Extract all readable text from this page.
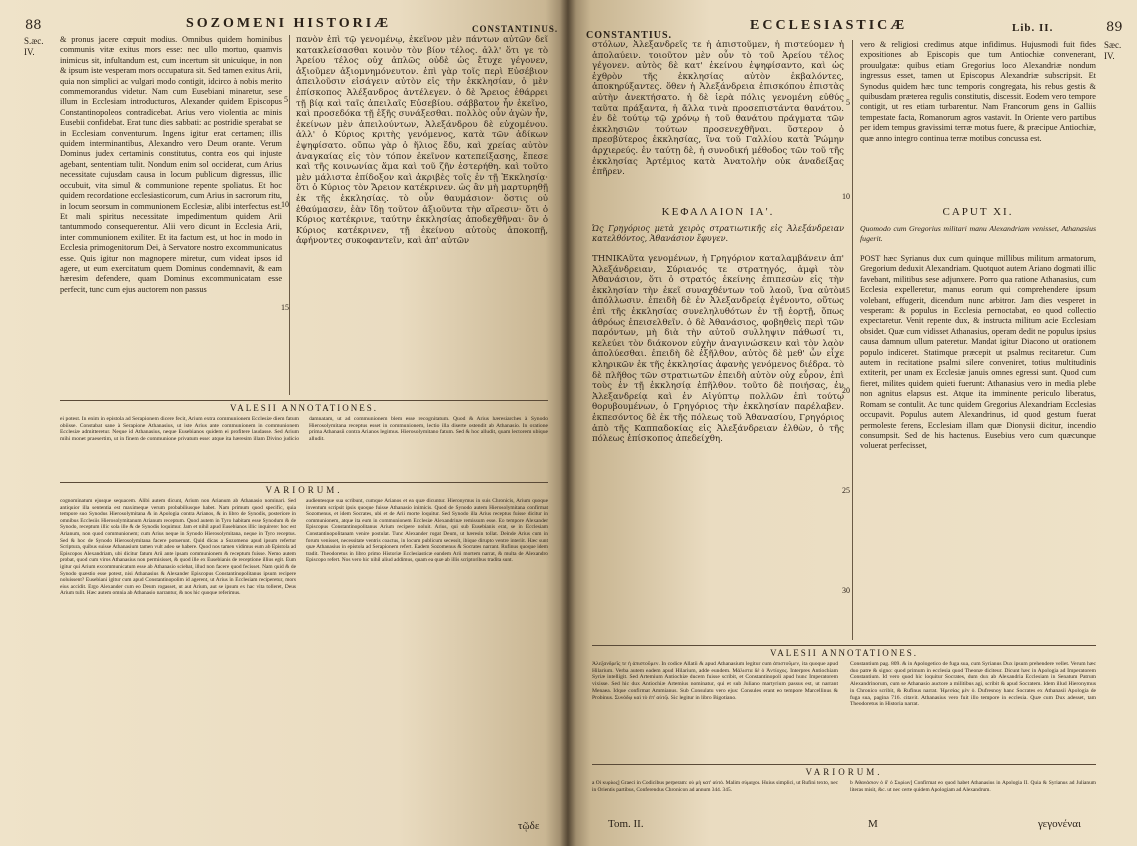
88	SOZOMENI HISTORIÆ	CONSTANTINUS.
S.æc. IV.
& pronus jacere cœpuit modius. Omnibus quidem hominibus communis vitæ exitus mors esse: nec ullo mortuo, quamvis inimicus sit, infultandum est, cum incertum sit unicuique, in non & ipsum iste vesperam mors occupatura sit. Sed tamen exitus Arii, quia non simplici ac vulgari modo contigit, idcirco à nobis merito commemorandus videtur. Nam cum Eusebiani minaretur, sese illum in Ecclesiam introducturos, Alexander quidem Episcopus Constantinopoleos contradicebat. Arius vero violentia ac minis Eusebii confidebat. Erat tunc dies sabbati: ac postridie sperabat se in Ecclesiam conventurum. Ingens igitur erat certamen; illis quidem interminantibus, Alexandro vero Deum orante. Verum Dominus judex certaminis constitutus, contra eos qui injuste agebant, sententiam tulit. Nondum enim sol occiderat, cum Arius necessitate cujusdam causa in locum publicum digressus, illic occubuit, vita simul & communione repente spoliatus. Et hoc quidem recordatione ecclesiasticorum, cum Arius in sacrorum ritu, in locum seorsum in communionem Ecclesiæ, alibi interfectus est. Et mali spiritus necessitate impedimentum quidem Arii tantummodo consequerentur. Alii vero dicunt in Ecclesia Arii, inter communionem exiliter. Et ita factum est, ut hoc in modo in Ecclesia primogenitorum Dei, à Servatore nostro excommunicatus esse. Quis igitur non magnopere miretur, cum videat ipsos id agere, ut eum exercitatum quem Dominus condemnavit, & eam hæresim defendere, quam Dominus excommunicatam esse perfecit, tunc cum ejus auctorem non passus
πανὸν ἐπὶ τῷ γενομένῳ, ἐκεῖνον μὲν πάντων αὐτῶν δεῖ κατακλείσασθαι κοινὸν τὸν βίον τέλος. ἀλλ' ὅτι γε τὸ Ἀρείου τέλος οὐχ ἁπλῶς οὐδὲ ὡς ἔτυχε γέγονεν, ἀξιοῦμεν ἀξιομνημόνευτον. ἐπὶ γὰρ τοῖς περὶ Εὐσέβιον ἀπειλοῦσιν εἰσάγειν αὐτὸν εἰς τὴν ἐκκλησίαν, ὁ μὲν ἐπίσκοπος Ἀλέξανδρος ἀντέλεγεν. ὁ δὲ Ἄρειος ἐθάρρει τῇ βίᾳ καὶ ταῖς ἀπειλαῖς Εὐσεβίου. σάββατον ἦν ἐκεῖνο, καὶ προσεδόκα τῇ ἑξῆς συνάξεσθαι. πολλὸς οὖν ἀγὼν ἦν, ἐκείνων μὲν ἀπειλούντων, Ἀλεξάνδρου δὲ εὐχομένου. ἀλλ' ὁ Κύριος κριτὴς γενόμενος, κατὰ τῶν ἀδίκων ἐψηφίσατο. οὔπω γὰρ ὁ ἥλιος ἔδυ, καὶ χρείας αὐτὸν ἀναγκαίας εἰς τὸν τόπον ἐκεῖνον κατεπείξασης, ἔπεσε καὶ τῆς κοινωνίας ἅμα καὶ τοῦ ζῆν ἐστερήθη. καὶ τοῦτο μὲν μάλιστα ἐπίδοξον καὶ ἀκριβὲς τοῖς ἐν τῇ Ἐκκλησίᾳ· ὅτι ὁ Κύριος τὸν Ἄρειον κατέκρινεν. ὡς ἂν μὴ μαρτυρηθῇ ἐκ τῆς ἐκκλησίας. τὸ οὖν θαυμάσιον· ὅστις οὐ ἐθαύμασεν, ἐὰν ἴδῃ τοῦτον ἀξιοῦντα τὴν αἵρεσιν· ὅτι ὁ Κύριος κατέκρινε, ταύτην ἐκκλησίας ἀποδεχθῆναι· ὃν ὁ Κύριος κατέκρινεν, τῇ ἐκείνου αὐτοὺς ἀποκοπῇ, ἀφήνοντες συκοφαντεῖν, καὶ ἀπ' αὐτῶν
5
10
15
VALESII ANNOTATIONES.
ei potest. In enim in epistola ad Serapionem dicere fecit, Arium extra communionem Ecclesiæ diem fatum obiisse. Constabat sane à Serapione Athanasius, ut iste Arius ante communionem in communionem Ecclesiæ admitteretur. Neque id Athanasius, neque Eusebianos quidem ei profitere laudasse. Sed Arium mihi monet praesertim, ut in finem de communione privatum esse: atque ita hæresim illam Divino judicio damnatam, ut ad communionem blem esse recognitatum. Quod & Arius hæresiarches à Synodo Hierosolymitana receptus esset in communionem, lectio illa diserte ostendit ab Athanasio. In oratione prima Athanasii contra Arianos legimus. Hierosolymitano fatum. Sed & hoc alludit, quam lectorem ubique alludit.
VARIORUM.
cognominatum ejusque sequacem. Alibi autem dicunt, Arium non Arianum ab Athanasio nominari. Sed antiquior illa sententia est maximeque verum probabiliusque habet. Nam primum quod specific, quia tempore suo Synodus Hierosolymitana & in Apologia contra Arianos, & in libro de Synodis, posteriore in omnibus Ecclesiis Hierosolymitanum Arianum receptum. Quod autem in Tyro habitam esse Synodum & de Synodo, receptum illic sola ille & de Synodis loquimur. Jam et nihil apud Eusebianos illic inquirere: hoc est Arianum, non quod communionem; cum Arius neque in Synodo Hierosolymitana, neque in Tyro receptus. Sed & hoc de Synodo Hierosolymitana facere potuerunt. Quid dicas a Sozomeno apud ipsum refertur Scriptura, quibus suisse Athanasium tamen vult adeo se habere. Quod nos tamen vidimus eum ab Epistola ad Episcopos Alexandriam, ubi dicitur fatum Arii ante ipsam communionem & receptum fuisse. Nemo autem probat, quod cum viros Athanasius non permisisset, & quod ille ex Eusebianis de receptione illius egit. Eum igitur qui Arium excommunicatum esse ab Athanasio sciebat, illud non facere quod fecisset. Nam quid & de Synodo quæstio esse potest, nisi Athanasius & Alexander Episcopus Constantinopolitanus ipsum recipere noluissent? Eusebiani igitur cum apud Constantinopolim id agerent, ut Arius in Ecclesiam reciperetur, mors eius accidit. Ergo Alexander cum eo Deum rogasset, ut aut Arium, aut se ipsum ex hac vita tolleret, Deus Arium tulit. Hæc autem omnia ab Athanasio narrantur, & nos hic quoque referimus.
audientesque sua scribunt, cumque Arianos et ea quæ dicuntur. Hieronymus in suis Chronicis, Arium quoque inventum scripsit ipsis quoque fuisse Athanasio inimicis. Quod de Synodo autem Hierosolymitana confirmat Sozomenus, et idem Socrates, ubi et de Arii morte loquitur. Sed Synodo illa Arius receptus fuisse dicitur in communionem, atque ita eum in communionem Ecclesiæ Alexandrinæ remissum esse. Eo tempore Alexander Episcopus Constantinopolitanus Arium recipere noluit. Arius, qui sub Eusebianis erat, se in Ecclesiam Constantinopolitanam venire postulat. Tunc Alexander rogat Deum, ut hæresin tollat. Deinde Arius cum in forum venisset, necessitate ventris coactus, in locum publicum secessit, ibique dirupto ventre interiit. Hæc sunt quæ Athanasius in epistola ad Serapionem refert. Eadem Sozomenus & Socrates narrant. Rufinus quoque idem tradit. Theodoretus in libro primo Historiæ Ecclesiasticæ eandem Arii mortem narrat, & multa de Alexandro Episcopo refert. Nos vero hic nihil aliud addimus, quam ea quæ ab illis scriptoribus tradita sunt.
τῷδε
CONSTANTIUS.
ECCLESIASTICÆ	Lib. II.	89
Sæc. IV.
στόλων, Ἀλεξανδρεῖς τε ἡ ἀπιστοῦμεν, ἡ πιστεύομεν ἡ ἀπολαύειν. τοιοῦτον μὲν οὖν τὸ τοῦ Ἀρείου τέλος γέγονεν. αὐτὸς δὲ κατ' ἐκείνου ἐψηφίσαντο, καὶ ὡς ἐχθρὸν τῆς ἐκκλησίας αὐτὸν ἐκβαλόντες, ἀποκηρύξαντες. ὅθεν ἡ Ἀλεξάνδρεια ἐπισκόπου ἐπιστὰς αὐτὴν ἀνεκτήσατο. ἡ δὲ ἱερὰ πόλις γενομένη εὐθύς ταῦτα πράξαντα, ἡ ἄλλα τινὰ προσεπιστάντα θανάτου. ἐν δὲ τούτῳ τῷ χρόνῳ ἡ τοῦ θανάτου πράγματα τῶν ἐκκλησιῶν τούτων προσενεχθῆναι. ὕστερον ὁ πρεσβύτερος ἐκκλησίας, ἵνα τοῦ Γαλλίου κατὰ Ῥώμην ἀρχιερεύς. ἐν ταύτῃ δὲ, ἡ συνοδική μέθοδος τῶν τοῦ τῆς ἐκκλησίας Ἀρτέμιος κατὰ Ἀνατολὴν οὐκ ἀναδείξας ἐπῆρεν.
vero & religiosi credimus atque infidimus. Hujusmodi fuit fides expositiones ab Episcopis que tum Antiochiæ convenerant, prouulgatæ: quibus etiam Gregorius loco Alexandriæ nondum ingressus esset, tamen ut Episcopus Alexandriæ subscripsit. Et Synodus quidem hæc tunc temporis congregata, his rebus gestis & quibusdam præterea regulis constitutis, discessit. Eodem vero tempore contigit, ut res etiam turbarentur. Nam Francorum gens in Galliis tempestate facta, Romanorum agros vastavit. In Oriente vero partibus per idem tempus gravissimi terræ motus fuere, & præcipue Antiochiæ, quæ anno integro continua terræ motibus concussa est.
5
10
ΚΕΦΑΛΑΙΟΝ ΙΑ'.	CAPUT XI.
Ὡς Γρηγόριος μετὰ χειρὸς στρατιωτικῆς εἰς Ἀλεξάνδρειαν κατελθόντος, Ἀθανάσιον ἔφυγεν.
Quomodo cum Gregorius militari manu Alexandriam venisset, Athanasius fugerit.
ΤΗΝΙΚΑῦτα γενομένων, ἡ Γρηγόριον καταλαμβάνειν ἀπ' Ἀλεξάνδρειαν, Σύριανός τε στρατηγός, ἀμφὶ τὸν Ἀθανάσιον, ὅτι ὁ στρατός ἐκείνης ἐπιπεσὼν εἰς τὴν ἐκκλησίαν τὴν ἐκεῖ συναχθέντων τοῦ λαοῦ, ἵνα αὐτὸν ἀπόλλωσιν. ἐπειδὴ δὲ ἐν Ἀλεξανδρείᾳ ἐγένοντο, οὕτως ἐπὶ τῆς ἐκκλησίας συνεληλυθότων ἐν τῇ ἑορτῇ, ὅπως ἀθρόως ἐπεισελθεῖν. ὁ δὲ Ἀθανάσιος, φοβηθεὶς περὶ τῶν παρόντων, μὴ διὰ τὴν αὐτοῦ συλληψιν πάθωσί τι, κελεύει τὸν διάκονον εὐχὴν ἀναγινώσκειν καὶ τὸν λαὸν ἀπολύεσθαι. ἐπειδὴ δὲ ἐξῆλθον, αὐτὸς δὲ μεθ' ὧν εἶχε κληρικῶν ἐκ τῆς ἐκκλησίας ἀφανὴς γενόμενος διέδρα. τὸ δὲ πλῆθος τῶν στρατιωτῶν ἐπειδὴ αὐτὸν οὐχ εὗρον, ἐπὶ τοὺς ἐν τῇ ἐκκλησίᾳ ἐπῆλθον. τοῦτο δὲ ποιήσας, ἐν Ἀλεξανδρείᾳ καὶ ἐν Αἰγύπτῳ πολλῶν ἐπὶ τούτῳ θορυβουμένων, ὁ Γρηγόριος τὴν ἐκκλησίαν παρέλαβεν. ἐκπεσόντος δὲ ἐκ τῆς πόλεως τοῦ Ἀθανασίου, Γρηγόριος ἀπὸ τῆς Καππαδοκίας εἰς Ἀλεξάνδρειαν ἐλθὼν, ὁ τῆς πόλεως ἐπίσκοπος ἀπεδείχθη.
POST hæc Syrianus dux cum quinque millibus militum armatorum, Gregorium deduxit Alexandriam. Quotquot autem Ariano dogmati illic favebant, militibus sese adjunxere. Porro qua ratione Athanasius, cum Ecclesia expelleretur, manus eorum qui comprehendere ipsum volebant, effugerit, dicendum nunc arbitror. Jam dies vesperet in vesperam: & populus in Ecclesia pernoctabat, eo quod collectio expectaretur. Venit repente dux, & instructa militum acie Ecclesiam obsidet. Quæ cum vidisset Athanasius, operam dedit ne populus ipsius causa damnum ullum pateretur. Mandat igitur Diacono ut orationem populo indiceret. Statimque præcepit ut psalmus recitaretur. Cum autem in recitatione psalmi silere conveniret, totius multitudinis extiterit, per unam ex Ecclesiæ januis omnes egressi sunt. Quod cum fieret, milites quidem quieti fuerunt: Athanasius vero in media plebe non agnitus elapsus est. Atque ita imminente periculo liberatus, Romam se contulit. Ac tunc quidem Gregorius Alexandriam Ecclesias occupavit. Populus autem Alexandrinus, id quod gestum fuerat permoleste ferens, Ecclesiam illam quæ Dionysii dicitur, incendio consumpsit. Sed de his hactenus. Eusebius vero cum quæcunque voluerat perfecisset,
15
20
25
30
VALESII ANNOTATIONES.
Ἀλεξανδρεῖς τε ἡ ἀπιστοῦμεν. In codice Allatii & apud Athanasium legitur cum ἀπιστοῦμεν, ita quoque apud Hilarium. Verba autem eadem apud Hilarium, adde eundem. Μάλιστα δὲ ὁ Ἀντίοχος. Interpres Antiochiam Syriæ intelligit. Sed Artemium Antiochiæ ducem fuisse scribit, et Constantinopoli apud hunc Imperatorem vixisse. Sed hic dux Antiochiæ Artemius nominatur, qui et sub Juliano martyrium passus est, ut narrant Menaea. Idque confirmat Ammianus. Sub Consulatu vero ejus: Consules erant eo tempore Marcellinus & Probinus. Συνόδῳ καὶ τὸ ἐπ' αὐτῷ. Sic legitur in libro Bigotiano.
Constantium pag. 809. & in Apologetico de fuga sua, cum Syrianus Dux ipsum prehendere vellet. Verum hæc duo patre & signo: quod primum in ecclesia quod Theonæ diciteur. Dicunt hæc in Apologia ad Imperatorem Constantium. Id vero quod hic loquitur Socrates, dum dux ab Alexandria Ecclesiam in Senatum Patrum Alexandrinorum, cum se Athanasio auctore a militibus agi, scribit & apud Socratem. Idem illud Hieronymus in Chronico scribit, & Rufinus narrat. Ἠρεσίας μὲν ὁ. Dufresnoy hanc Socrates ex Athanasii Apologia de fuga sua, pagina 716. citavit. Athanasius vero fuit illo tempore in ecclesia. Quæ cum Dux adesset, tam Theodoretus in Historia narrat.
VARIORUM.
a Οἱ κυρίως] Graeci in Codicibus perperam: οὐ μὴ κατ' αὐτό. Malim σύμαχοι. Huius simplici, ut Rufini texto, nec in Orientis partibus, Conferendus Chronicon ad annum 344. 345.
b Ἀθανάσιον ὁ δ' ὁ Συρίων] Confirmat eo quod habet Athanasius in Apologia II. Quia & Syrianus ad Julianum literas misit, &c. ut nec certe quidem Apologiam ad Alexandrum.
Tom. II.	M	γεγονέναι
